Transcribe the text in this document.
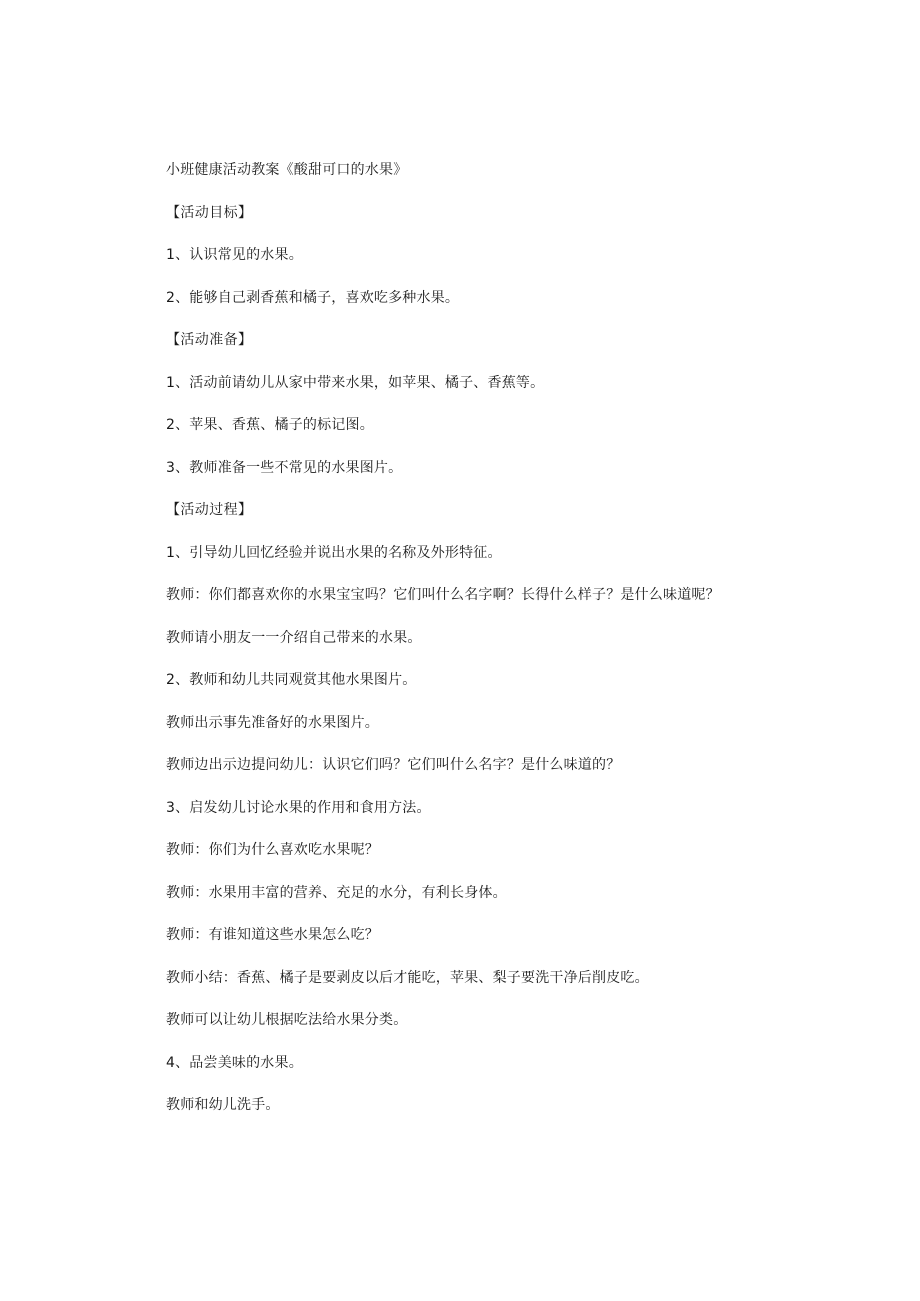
小班健康活动教案《酸甜可口的水果》
【活动目标】
1、认识常见的水果。
2、能够自己剥香蕉和橘子，喜欢吃多种水果。
【活动准备】
1、活动前请幼儿从家中带来水果，如苹果、橘子、香蕉等。
2、苹果、香蕉、橘子的标记图。
3、教师准备一些不常见的水果图片。
【活动过程】
1、引导幼儿回忆经验并说出水果的名称及外形特征。
教师：你们都喜欢你的水果宝宝吗？它们叫什么名字啊？长得什么样子？是什么味道呢？
教师请小朋友一一介绍自己带来的水果。
2、教师和幼儿共同观赏其他水果图片。
教师出示事先准备好的水果图片。
教师边出示边提问幼儿：认识它们吗？它们叫什么名字？是什么味道的？
3、启发幼儿讨论水果的作用和食用方法。
教师：你们为什么喜欢吃水果呢？
教师：水果用丰富的营养、充足的水分，有利长身体。
教师：有谁知道这些水果怎么吃？
教师小结：香蕉、橘子是要剥皮以后才能吃，苹果、梨子要洗干净后削皮吃。
教师可以让幼儿根据吃法给水果分类。
4、品尝美味的水果。
教师和幼儿洗手。
